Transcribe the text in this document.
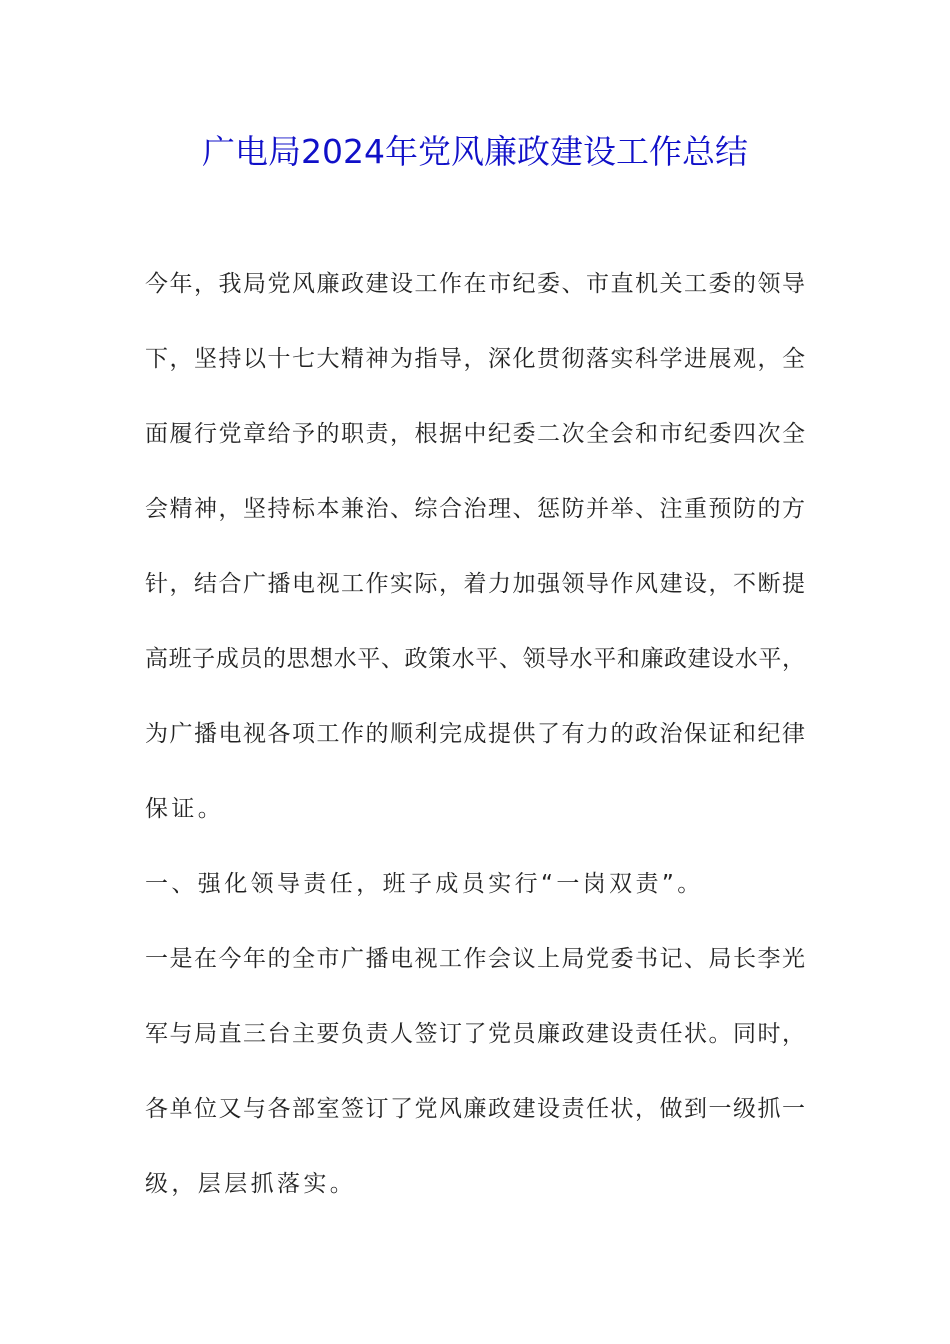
广电局2024年党风廉政建设工作总结
今年，我局党风廉政建设工作在市纪委、市直机关工委的领导
下，坚持以十七大精神为指导，深化贯彻落实科学进展观，全
面履行党章给予的职责，根据中纪委二次全会和市纪委四次全
会精神，坚持标本兼治、综合治理、惩防并举、注重预防的方
针，结合广播电视工作实际，着力加强领导作风建设，不断提
高班子成员的思想水平、政策水平、领导水平和廉政建设水平，
为广播电视各项工作的顺利完成提供了有力的政治保证和纪律
保证。
一、强化领导责任，班子成员实行“一岗双责”。
一是在今年的全市广播电视工作会议上局党委书记、局长李光
军与局直三台主要负责人签订了党员廉政建设责任状。同时，
各单位又与各部室签订了党风廉政建设责任状，做到一级抓一
级，层层抓落实。
